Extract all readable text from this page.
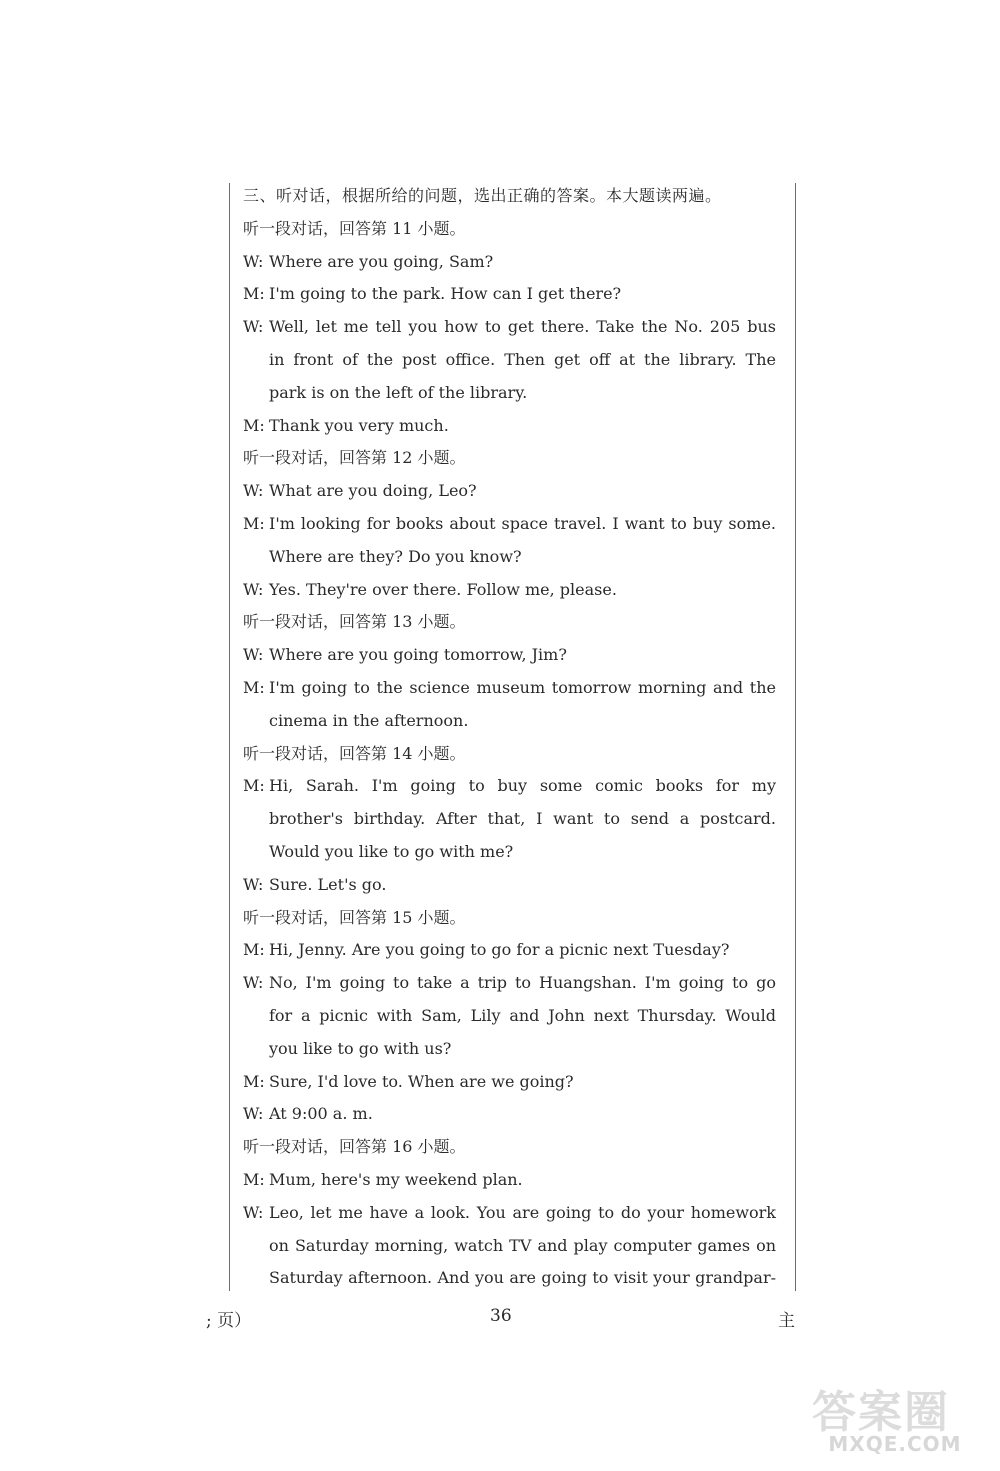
三、听对话，根据所给的问题，选出正确的答案。本大题读两遍。
听一段对话，回答第 11 小题。
W: Where are you going, Sam?
M: I'm going to the park. How can I get there?
W: Well, let me tell you how to get there. Take the No. 205 bus
in front of the post office. Then get off at the library. The
park is on the left of the library.
M: Thank you very much.
听一段对话，回答第 12 小题。
W: What are you doing, Leo?
M: I'm looking for books about space travel. I want to buy some.
Where are they? Do you know?
W: Yes. They're over there. Follow me, please.
听一段对话，回答第 13 小题。
W: Where are you going tomorrow, Jim?
M: I'm going to the science museum tomorrow morning and the
cinema in the afternoon.
听一段对话，回答第 14 小题。
M: Hi, Sarah. I'm going to buy some comic books for my
brother's birthday. After that, I want to send a postcard.
Would you like to go with me?
W: Sure. Let's go.
听一段对话，回答第 15 小题。
M: Hi, Jenny. Are you going to go for a picnic next Tuesday?
W: No, I'm going to take a trip to Huangshan. I'm going to go
for a picnic with Sam, Lily and John next Thursday. Would
you like to go with us?
M: Sure, I'd love to. When are we going?
W: At 9:00 a. m.
听一段对话，回答第 16 小题。
M: Mum, here's my weekend plan.
W: Leo, let me have a look. You are going to do your homework
on Saturday morning, watch TV and play computer games on
Saturday afternoon. And you are going to visit your grandpar-
; 页）	36	主
答案圈
MXQE.COM
